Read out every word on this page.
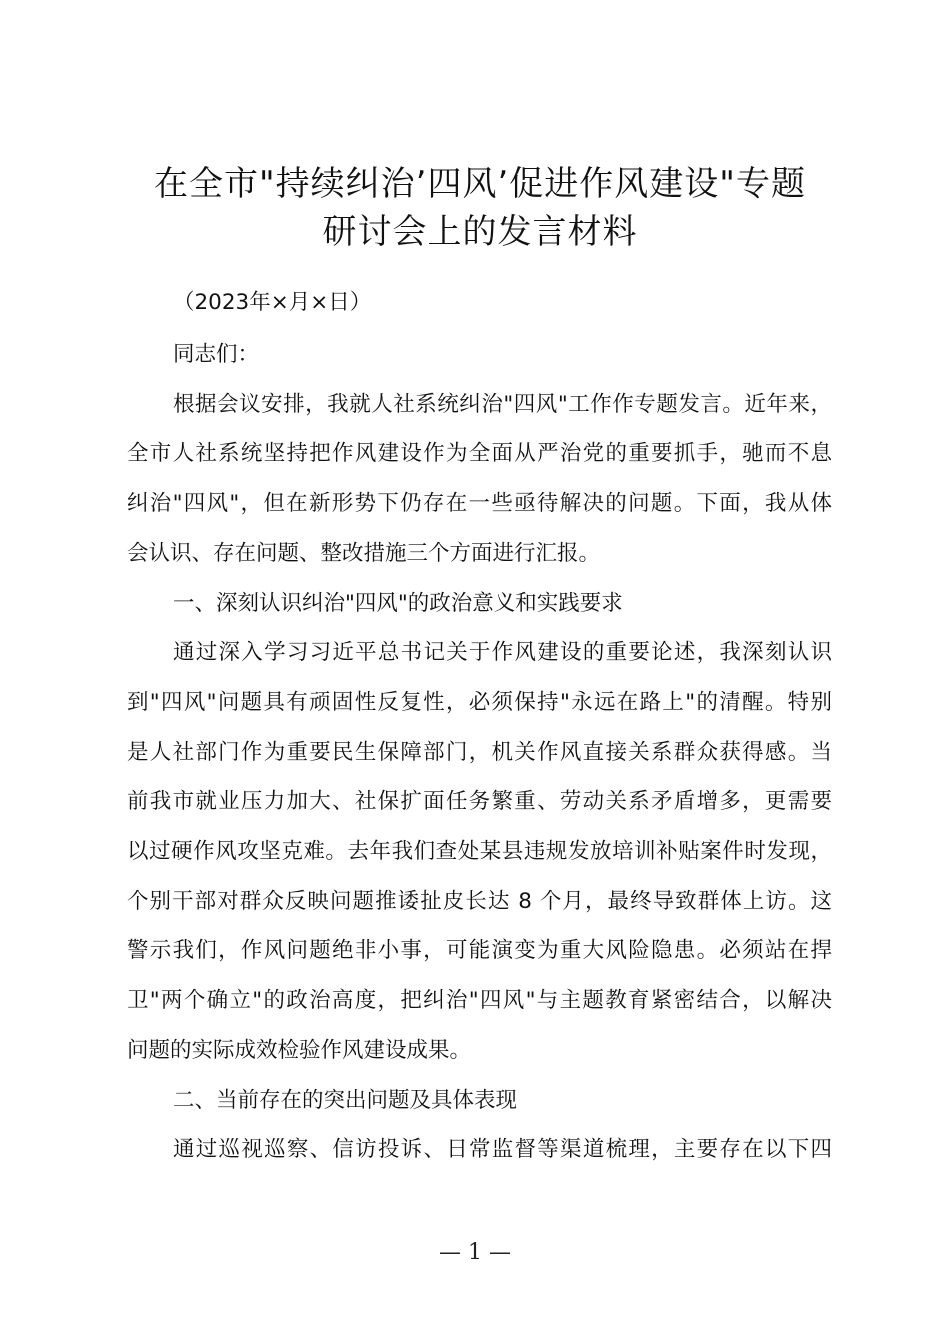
在全市"持续纠治’四风’促进作风建设"专题
研讨会上的发言材料
（2023年×月×日）
同志们：
根据会议安排，我就人社系统纠治"四风"工作作专题发言。近年来，
全市人社系统坚持把作风建设作为全面从严治党的重要抓手，驰而不息
纠治"四风"，但在新形势下仍存在一些亟待解决的问题。下面，我从体
会认识、存在问题、整改措施三个方面进行汇报。
一、深刻认识纠治"四风"的政治意义和实践要求
通过深入学习习近平总书记关于作风建设的重要论述，我深刻认识
到"四风"问题具有顽固性反复性，必须保持"永远在路上"的清醒。特别
是人社部门作为重要民生保障部门，机关作风直接关系群众获得感。当
前我市就业压力加大、社保扩面任务繁重、劳动关系矛盾增多，更需要
以过硬作风攻坚克难。去年我们查处某县违规发放培训补贴案件时发现，
个别干部对群众反映问题推诿扯皮长达 8 个月，最终导致群体上访。这
警示我们，作风问题绝非小事，可能演变为重大风险隐患。必须站在捍
卫"两个确立"的政治高度，把纠治"四风"与主题教育紧密结合，以解决
问题的实际成效检验作风建设成果。
二、当前存在的突出问题及具体表现
通过巡视巡察、信访投诉、日常监督等渠道梳理，主要存在以下四
— 1 —
